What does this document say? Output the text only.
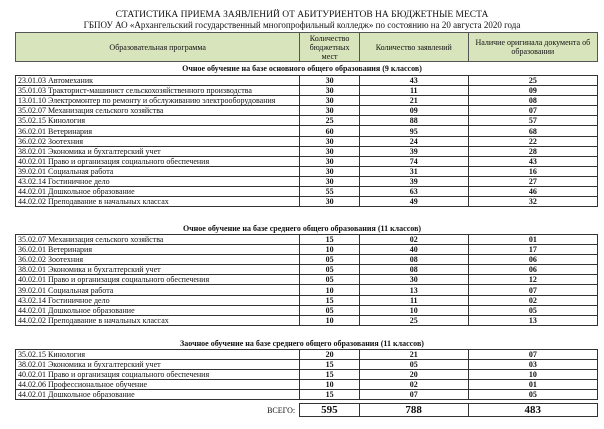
СТАТИСТИКА ПРИЕМА ЗАЯВЛЕНИЙ ОТ АБИТУРИЕНТОВ НА БЮДЖЕТНЫЕ МЕСТА
ГБПОУ АО «Архангельский государственный многопрофильный колледж» по состоянию на 20 августа 2020 года
Образовательная программа	Количество бюджетных мест	Количество заявлений	Наличие оригинала документа об образовании
Очное обучение на базе основного общего образования (9 классов)
23.01.03 Автомеханик	30	43	25
35.01.03 Тракторист-машинист сельскохозяйственного производства	30	11	09
13.01.10 Электромонтер по ремонту и обслуживанию электрооборудования	30	21	08
35.02.07 Механизация сельского хозяйства	30	09	07
35.02.15 Кинология	25	88	57
36.02.01 Ветеринария	60	95	68
36.02.02 Зоотехния	30	24	22
38.02.01 Экономика и бухгалтерский учет	30	39	28
40.02.01 Право и организация социального обеспечения	30	74	43
39.02.01 Социальная работа	30	31	16
43.02.14 Гостиничное дело	30	39	27
44.02.01 Дошкольное образование	55	63	46
44.02.02 Преподавание в начальных классах	30	49	32
Очное обучение на базе среднего общего образования (11 классов)
35.02.07 Механизация сельского хозяйства	15	02	01
36.02.01 Ветеринария	10	40	17
36.02.02 Зоотехния	05	08	06
38.02.01 Экономика и бухгалтерский учет	05	08	06
40.02.01 Право и организация социального обеспечения	05	30	12
39.02.01 Социальная работа	10	13	07
43.02.14 Гостиничное дело	15	11	02
44.02.01 Дошкольное образование	05	10	05
44.02.02 Преподавание в начальных классах	10	25	13
Заочное обучение на базе среднего общего образования (11 классов)
35.02.15 Кинология	20	21	07
38.02.01 Экономика и бухгалтерский учет	15	05	03
40.02.01 Право и организация социального обеспечения	15	20	10
44.02.06 Профессиональное обучение	10	02	01
44.02.01 Дошкольное образование	15	07	05
ВСЕГО:	595	788	483
